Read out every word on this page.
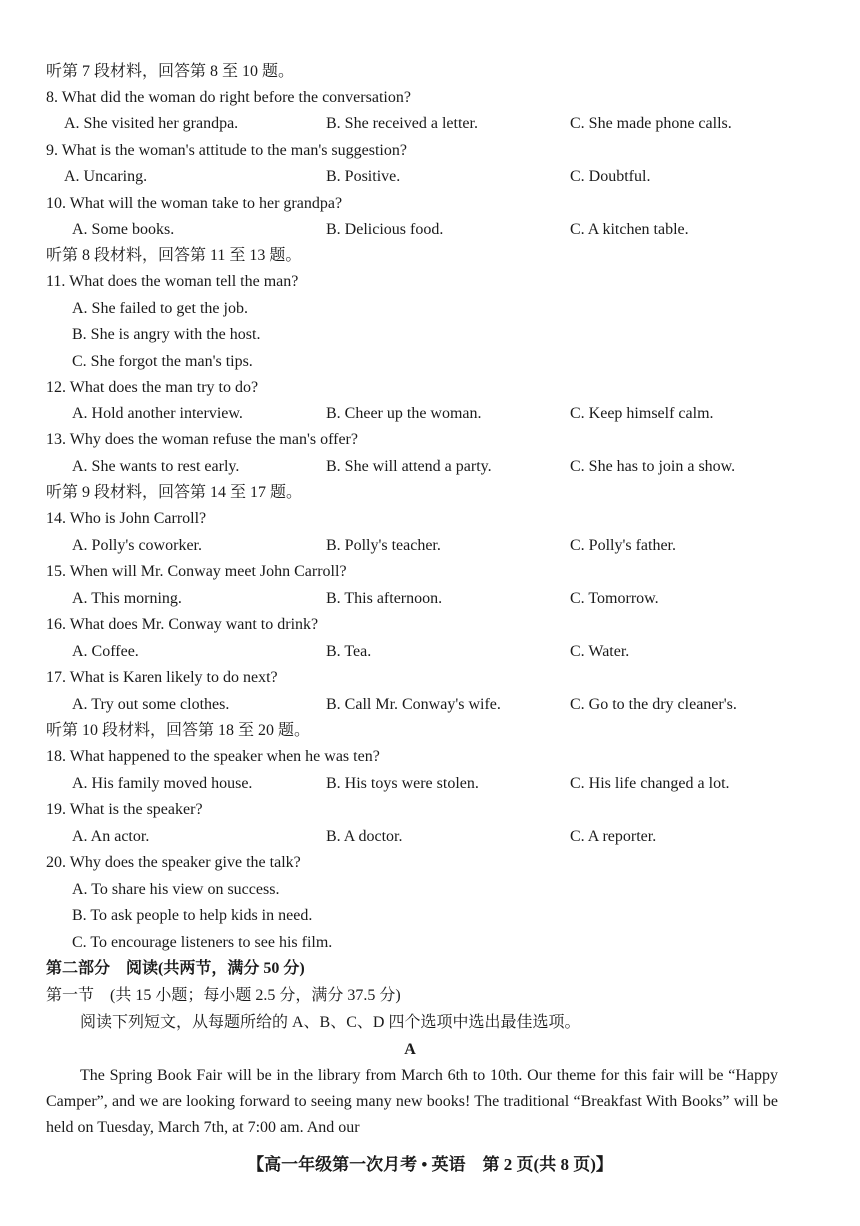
听第 7 段材料，回答第 8 至 10 题。
8. What did the woman do right before the conversation?
A. She visited her grandpa.	B. She received a letter.	C. She made phone calls.
9. What is the woman's attitude to the man's suggestion?
A. Uncaring.	B. Positive.	C. Doubtful.
10. What will the woman take to her grandpa?
A. Some books.	B. Delicious food.	C. A kitchen table.
听第 8 段材料，回答第 11 至 13 题。
11. What does the woman tell the man?
A. She failed to get the job.
B. She is angry with the host.
C. She forgot the man's tips.
12. What does the man try to do?
A. Hold another interview.	B. Cheer up the woman.	C. Keep himself calm.
13. Why does the woman refuse the man's offer?
A. She wants to rest early.	B. She will attend a party.	C. She has to join a show.
听第 9 段材料，回答第 14 至 17 题。
14. Who is John Carroll?
A. Polly's coworker.	B. Polly's teacher.	C. Polly's father.
15. When will Mr. Conway meet John Carroll?
A. This morning.	B. This afternoon.	C. Tomorrow.
16. What does Mr. Conway want to drink?
A. Coffee.	B. Tea.	C. Water.
17. What is Karen likely to do next?
A. Try out some clothes.	B. Call Mr. Conway's wife.	C. Go to the dry cleaner's.
听第 10 段材料，回答第 18 至 20 题。
18. What happened to the speaker when he was ten?
A. His family moved house.	B. His toys were stolen.	C. His life changed a lot.
19. What is the speaker?
A. An actor.	B. A doctor.	C. A reporter.
20. Why does the speaker give the talk?
A. To share his view on success.
B. To ask people to help kids in need.
C. To encourage listeners to see his film.
第二部分　阅读(共两节，满分 50 分)
第一节　(共 15 小题；每小题 2.5 分，满分 37.5 分)
阅读下列短文，从每题所给的 A、B、C、D 四个选项中选出最佳选项。
A

The Spring Book Fair will be in the library from March 6th to 10th. Our theme for this fair will be “Happy Camper”, and we are looking forward to seeing many new books! The traditional “Breakfast With Books” will be held on Tuesday, March 7th, at 7:00 am. And our

【高一年级第一次月考 • 英语　第 2 页(共 8 页)】
